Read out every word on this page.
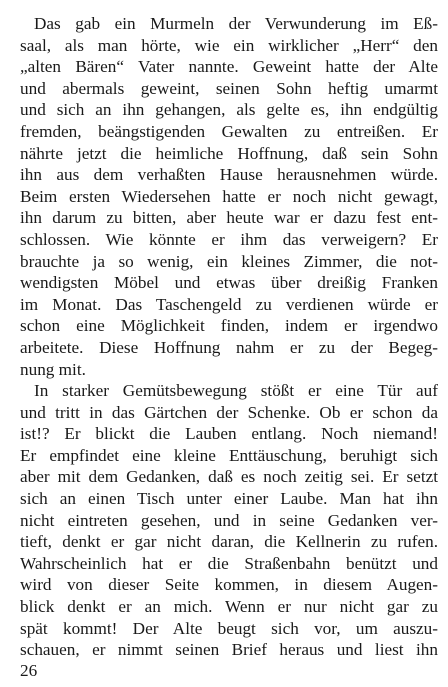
Das gab ein Murmeln der Verwunderung im Eß-
saal, als man hörte, wie ein wirklicher „Herr“ den
„alten Bären“ Vater nannte. Geweint hatte der Alte
und abermals geweint, seinen Sohn heftig umarmt
und sich an ihn gehangen, als gelte es, ihn endgültig
fremden, beängstigenden Gewalten zu entreißen. Er
nährte jetzt die heimliche Hoffnung, daß sein Sohn
ihn aus dem verhaßten Hause herausnehmen würde.
Beim ersten Wiedersehen hatte er noch nicht gewagt,
ihn darum zu bitten, aber heute war er dazu fest ent-
schlossen. Wie könnte er ihm das verweigern? Er
brauchte ja so wenig, ein kleines Zimmer, die not-
wendigsten Möbel und etwas über dreißig Franken
im Monat. Das Taschengeld zu verdienen würde er
schon eine Möglichkeit finden, indem er irgendwo
arbeitete. Diese Hoffnung nahm er zu der Begeg-
nung mit.
In starker Gemütsbewegung stößt er eine Tür auf
und tritt in das Gärtchen der Schenke. Ob er schon da
ist!? Er blickt die Lauben entlang. Noch niemand!
Er empfindet eine kleine Enttäuschung, beruhigt sich
aber mit dem Gedanken, daß es noch zeitig sei. Er setzt
sich an einen Tisch unter einer Laube. Man hat ihn
nicht eintreten gesehen, und in seine Gedanken ver-
tieft, denkt er gar nicht daran, die Kellnerin zu rufen.
Wahrscheinlich hat er die Straßenbahn benützt und
wird von dieser Seite kommen, in diesem Augen-
blick denkt er an mich. Wenn er nur nicht gar zu
spät kommt! Der Alte beugt sich vor, um auszu-
schauen, er nimmt seinen Brief heraus und liest ihn
26
